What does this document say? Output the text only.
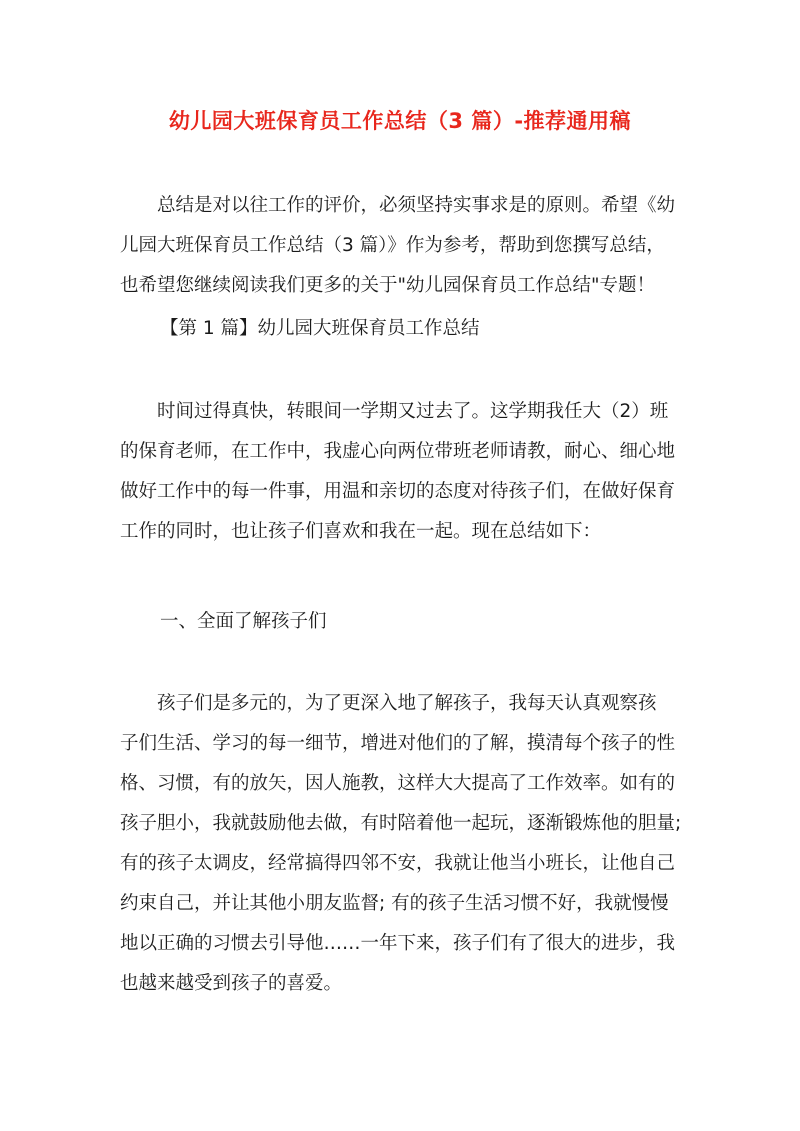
幼儿园大班保育员工作总结（3 篇）-推荐通用稿
总结是对以往工作的评价，必须坚持实事求是的原则。希望《幼
儿园大班保育员工作总结（3 篇）》作为参考，帮助到您撰写总结，
也希望您继续阅读我们更多的关于"幼儿园保育员工作总结"专题！
【第 1 篇】幼儿园大班保育员工作总结
时间过得真快，转眼间一学期又过去了。这学期我任大（2）班
的保育老师，在工作中，我虚心向两位带班老师请教，耐心、细心地
做好工作中的每一件事，用温和亲切的态度对待孩子们，在做好保育
工作的同时，也让孩子们喜欢和我在一起。现在总结如下：
一、全面了解孩子们
孩子们是多元的，为了更深入地了解孩子，我每天认真观察孩
子们生活、学习的每一细节，增进对他们的了解，摸清每个孩子的性
格、习惯，有的放矢，因人施教，这样大大提高了工作效率。如有的
孩子胆小，我就鼓励他去做，有时陪着他一起玩，逐渐锻炼他的胆量;
有的孩子太调皮，经常搞得四邻不安，我就让他当小班长，让他自己
约束自己，并让其他小朋友监督; 有的孩子生活习惯不好，我就慢慢
地以正确的习惯去引导他……一年下来，孩子们有了很大的进步，我
也越来越受到孩子的喜爱。
